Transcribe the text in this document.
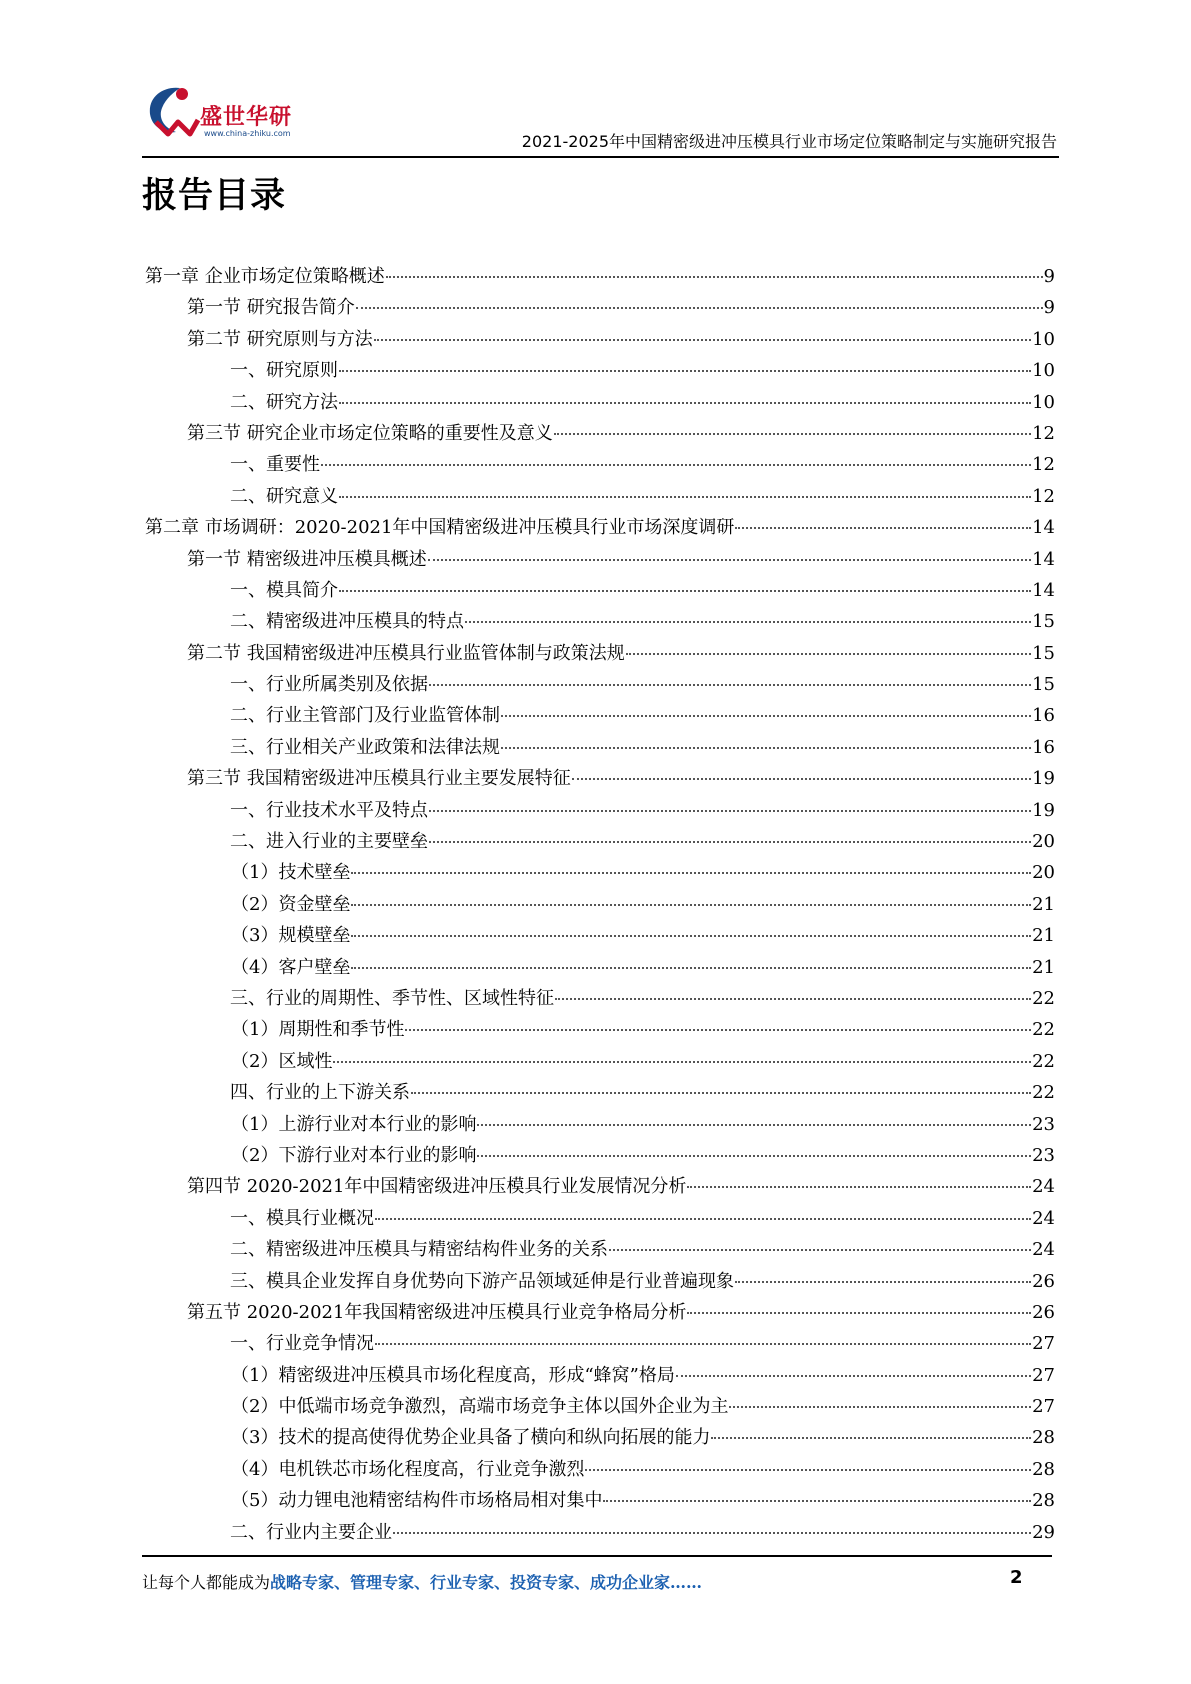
盛世华研
www.china-zhiku.com	2021-2025年中国精密级进冲压模具行业市场定位策略制定与实施研究报告
报告目录
第一章 企业市场定位策略概述	9
第一节 研究报告简介	9
第二节 研究原则与方法	10
一、研究原则	10
二、研究方法	10
第三节 研究企业市场定位策略的重要性及意义	12
一、重要性	12
二、研究意义	12
第二章 市场调研：2020-2021年中国精密级进冲压模具行业市场深度调研	14
第一节 精密级进冲压模具概述	14
一、模具简介	14
二、精密级进冲压模具的特点	15
第二节 我国精密级进冲压模具行业监管体制与政策法规	15
一、行业所属类别及依据	15
二、行业主管部门及行业监管体制	16
三、行业相关产业政策和法律法规	16
第三节 我国精密级进冲压模具行业主要发展特征	19
一、行业技术水平及特点	19
二、进入行业的主要壁垒	20
（1）技术壁垒	20
（2）资金壁垒	21
（3）规模壁垒	21
（4）客户壁垒	21
三、行业的周期性、季节性、区域性特征	22
（1）周期性和季节性	22
（2）区域性	22
四、行业的上下游关系	22
（1）上游行业对本行业的影响	23
（2）下游行业对本行业的影响	23
第四节 2020-2021年中国精密级进冲压模具行业发展情况分析	24
一、模具行业概况	24
二、精密级进冲压模具与精密结构件业务的关系	24
三、模具企业发挥自身优势向下游产品领域延伸是行业普遍现象	26
第五节 2020-2021年我国精密级进冲压模具行业竞争格局分析	26
一、行业竞争情况	27
（1）精密级进冲压模具市场化程度高，形成“蜂窝”格局	27
（2）中低端市场竞争激烈，高端市场竞争主体以国外企业为主	27
（3）技术的提高使得优势企业具备了横向和纵向拓展的能力	28
（4）电机铁芯市场化程度高，行业竞争激烈	28
（5）动力锂电池精密结构件市场格局相对集中	28
二、行业内主要企业	29
让每个人都能成为战略专家、管理专家、行业专家、投资专家、成功企业家……	2
